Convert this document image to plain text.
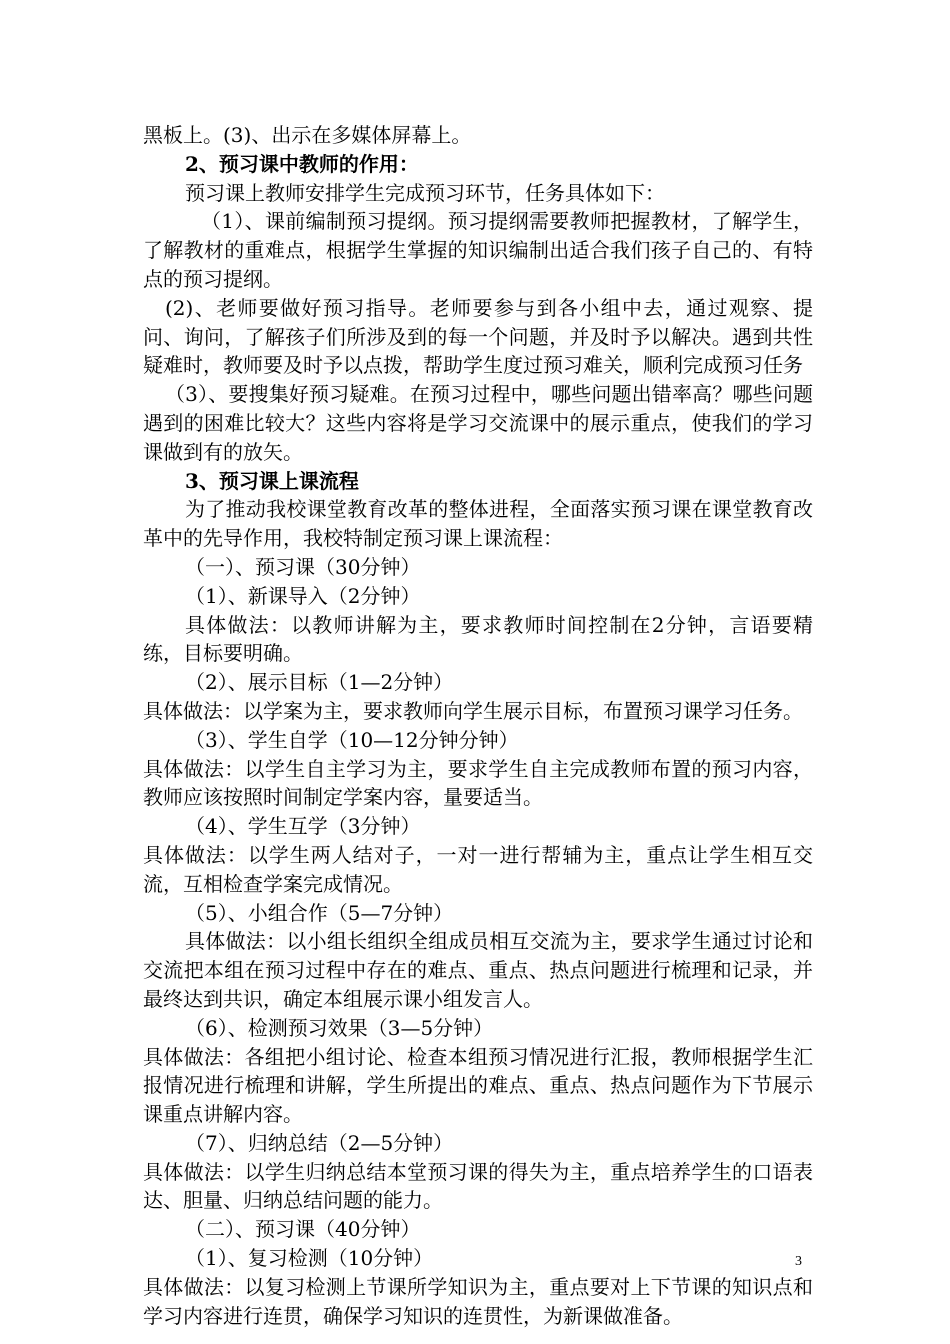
黑板上。(3)、出示在多媒体屏幕上。

2、预习课中教师的作用：

预习课上教师安排学生完成预习环节，任务具体如下：

（1）、课前编制预习提纲。预习提纲需要教师把握教材，了解学生，了解教材的重难点，根据学生掌握的知识编制出适合我们孩子自己的、有特点的预习提纲。

(2)、老师要做好预习指导。老师要参与到各小组中去，通过观察、提问、询问，了解孩子们所涉及到的每一个问题，并及时予以解决。遇到共性疑难时，教师要及时予以点拨，帮助学生度过预习难关，顺利完成预习任务

（3）、要搜集好预习疑难。在预习过程中，哪些问题出错率高？哪些问题遇到的困难比较大？这些内容将是学习交流课中的展示重点，使我们的学习课做到有的放矢。

3、预习课上课流程

为了推动我校课堂教育改革的整体进程，全面落实预习课在课堂教育改革中的先导作用，我校特制定预习课上课流程：

（一）、预习课（30分钟）

（1）、新课导入（2分钟）

具体做法：以教师讲解为主，要求教师时间控制在2分钟，言语要精练，目标要明确。

（2）、展示目标（1—2分钟）

具体做法：以学案为主，要求教师向学生展示目标，布置预习课学习任务。

（3）、学生自学（10—12分钟分钟）

具体做法：以学生自主学习为主，要求学生自主完成教师布置的预习内容，教师应该按照时间制定学案内容，量要适当。

（4）、学生互学（3分钟）

具体做法：以学生两人结对子，一对一进行帮辅为主，重点让学生相互交流，互相检查学案完成情况。

（5）、小组合作（5—7分钟）

具体做法：以小组长组织全组成员相互交流为主，要求学生通过讨论和交流把本组在预习过程中存在的难点、重点、热点问题进行梳理和记录，并最终达到共识，确定本组展示课小组发言人。

（6）、检测预习效果（3—5分钟）

具体做法：各组把小组讨论、检查本组预习情况进行汇报，教师根据学生汇报情况进行梳理和讲解，学生所提出的难点、重点、热点问题作为下节展示课重点讲解内容。

（7）、归纳总结（2—5分钟）

具体做法：以学生归纳总结本堂预习课的得失为主，重点培养学生的口语表达、胆量、归纳总结问题的能力。

（二）、预习课（40分钟）

（1）、复习检测（10分钟）

具体做法：以复习检测上节课所学知识为主，重点要对上下节课的知识点和学习内容进行连贯，确保学习知识的连贯性，为新课做准备。

3
